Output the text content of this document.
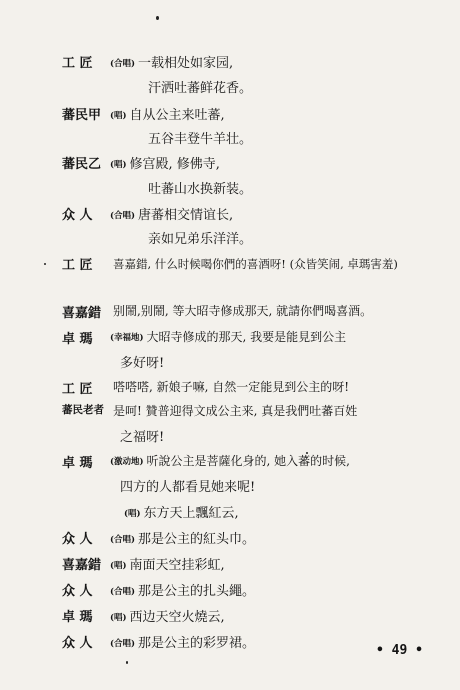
工 匠	(合唱) 一载相处如家园,
汗洒吐蕃鲜花香。
蕃民甲	(唱) 自从公主来吐蕃,
五谷丰登牛羊壮。
蕃民乙	(唱) 修宫殿, 修佛寺,
吐蕃山水换新装。
众 人	(合唱) 唐蕃相交情谊长,
亲如兄弟乐洋洋。
工 匠	喜嘉錯, 什么时候喝你們的喜酒呀! (众皆笑闹, 卓瑪害羞)
喜嘉錯 别鬧,别鬧, 等大昭寺修成那天, 就請你們喝喜酒。
卓 瑪	(幸福地) 大昭寺修成的那天, 我要是能見到公主
多好呀!
工 匠	嗒嗒嗒, 新娘子嘛, 自然一定能見到公主的呀!
蕃民老者 是呵! 贊普迎得文成公主来, 真是我們吐蕃百姓
之福呀!
卓 瑪	(激动地) 听說公主是菩薩化身的, 她入蕃的时候,
四方的人都看見她来呢!
(唱) 东方天上飄紅云,
众 人	(合唱) 那是公主的紅头巾。
喜嘉錯	(唱) 南面天空挂彩虹,
众 人	(合唱) 那是公主的扎头繩。
卓 瑪	(唱) 西边天空火燒云,
众 人	(合唱) 那是公主的彩罗裙。	• 49 •
